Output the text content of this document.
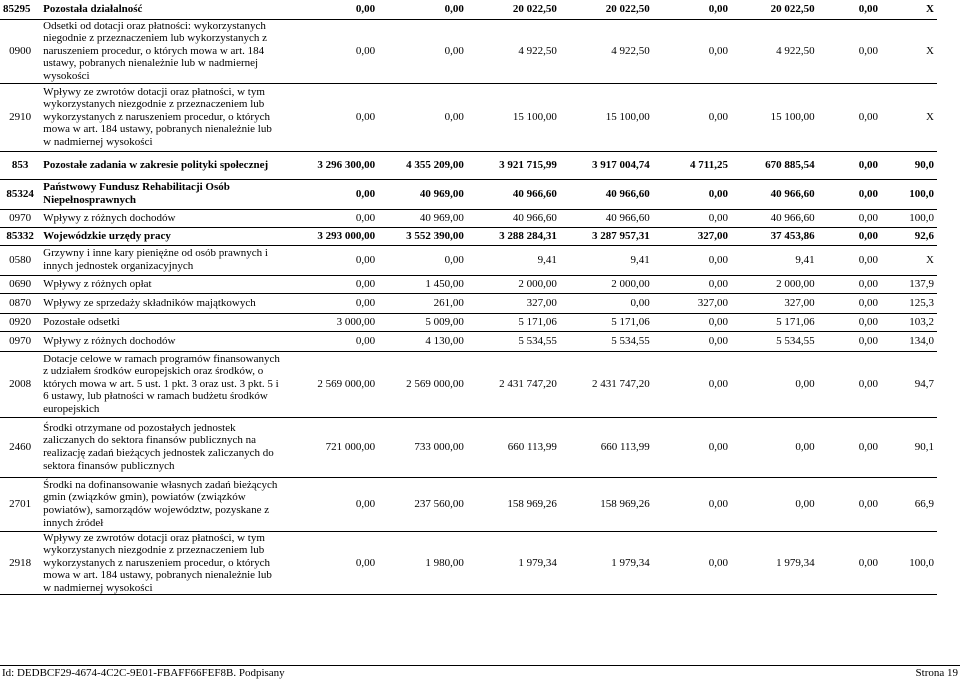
85295	Pozostała działalność	0,00	0,00	20 022,50	20 022,50	0,00	20 022,50	0,00	X
0900	Odsetki od dotacji oraz płatności: wykorzystanych niegodnie z przeznaczeniem lub wykorzystanych z naruszeniem procedur, o których mowa w art. 184 ustawy, pobranych nienależnie lub w nadmiernej wysokości	0,00	0,00	4 922,50	4 922,50	0,00	4 922,50	0,00	X
2910	Wpływy ze zwrotów dotacji oraz płatności, w tym wykorzystanych niezgodnie z przeznaczeniem lub wykorzystanych z naruszeniem procedur, o których mowa w art. 184 ustawy, pobranych nienależnie lub w nadmiernej wysokości	0,00	0,00	15 100,00	15 100,00	0,00	15 100,00	0,00	X
853	Pozostałe zadania w zakresie polityki społecznej	3 296 300,00	4 355 209,00	3 921 715,99	3 917 004,74	4 711,25	670 885,54	0,00	90,0
85324	Państwowy Fundusz Rehabilitacji Osób Niepełnosprawnych	0,00	40 969,00	40 966,60	40 966,60	0,00	40 966,60	0,00	100,0
0970	Wpływy z różnych dochodów	0,00	40 969,00	40 966,60	40 966,60	0,00	40 966,60	0,00	100,0
85332	Wojewódzkie urzędy pracy	3 293 000,00	3 552 390,00	3 288 284,31	3 287 957,31	327,00	37 453,86	0,00	92,6
0580	Grzywny i inne kary pieniężne od osób prawnych i innych jednostek organizacyjnych	0,00	0,00	9,41	9,41	0,00	9,41	0,00	X
0690	Wpływy z różnych opłat	0,00	1 450,00	2 000,00	2 000,00	0,00	2 000,00	0,00	137,9
0870	Wpływy ze sprzedaży składników majątkowych	0,00	261,00	327,00	0,00	327,00	327,00	0,00	125,3
0920	Pozostałe odsetki	3 000,00	5 009,00	5 171,06	5 171,06	0,00	5 171,06	0,00	103,2
0970	Wpływy z różnych dochodów	0,00	4 130,00	5 534,55	5 534,55	0,00	5 534,55	0,00	134,0
2008	Dotacje celowe w ramach programów finansowanych z udziałem środków europejskich oraz środków, o których mowa w art. 5 ust. 1 pkt. 3 oraz ust. 3 pkt. 5 i 6 ustawy, lub płatności w ramach budżetu środków europejskich	2 569 000,00	2 569 000,00	2 431 747,20	2 431 747,20	0,00	0,00	0,00	94,7
2460	Środki otrzymane od pozostałych jednostek zaliczanych do sektora finansów publicznych na realizację zadań bieżących jednostek zaliczanych do sektora finansów publicznych	721 000,00	733 000,00	660 113,99	660 113,99	0,00	0,00	0,00	90,1
2701	Środki na dofinansowanie własnych zadań bieżących gmin (związków gmin), powiatów (związków powiatów), samorządów województw, pozyskane z innych źródeł	0,00	237 560,00	158 969,26	158 969,26	0,00	0,00	0,00	66,9
2918	Wpływy ze zwrotów dotacji oraz płatności, w tym wykorzystanych niezgodnie z przeznaczeniem lub wykorzystanych z naruszeniem procedur, o których mowa w art. 184 ustawy, pobranych nienależnie lub w nadmiernej wysokości	0,00	1 980,00	1 979,34	1 979,34	0,00	1 979,34	0,00	100,0
Id: DEDBCF29-4674-4C2C-9E01-FBAFF66FEF8B. Podpisany	Strona 19
